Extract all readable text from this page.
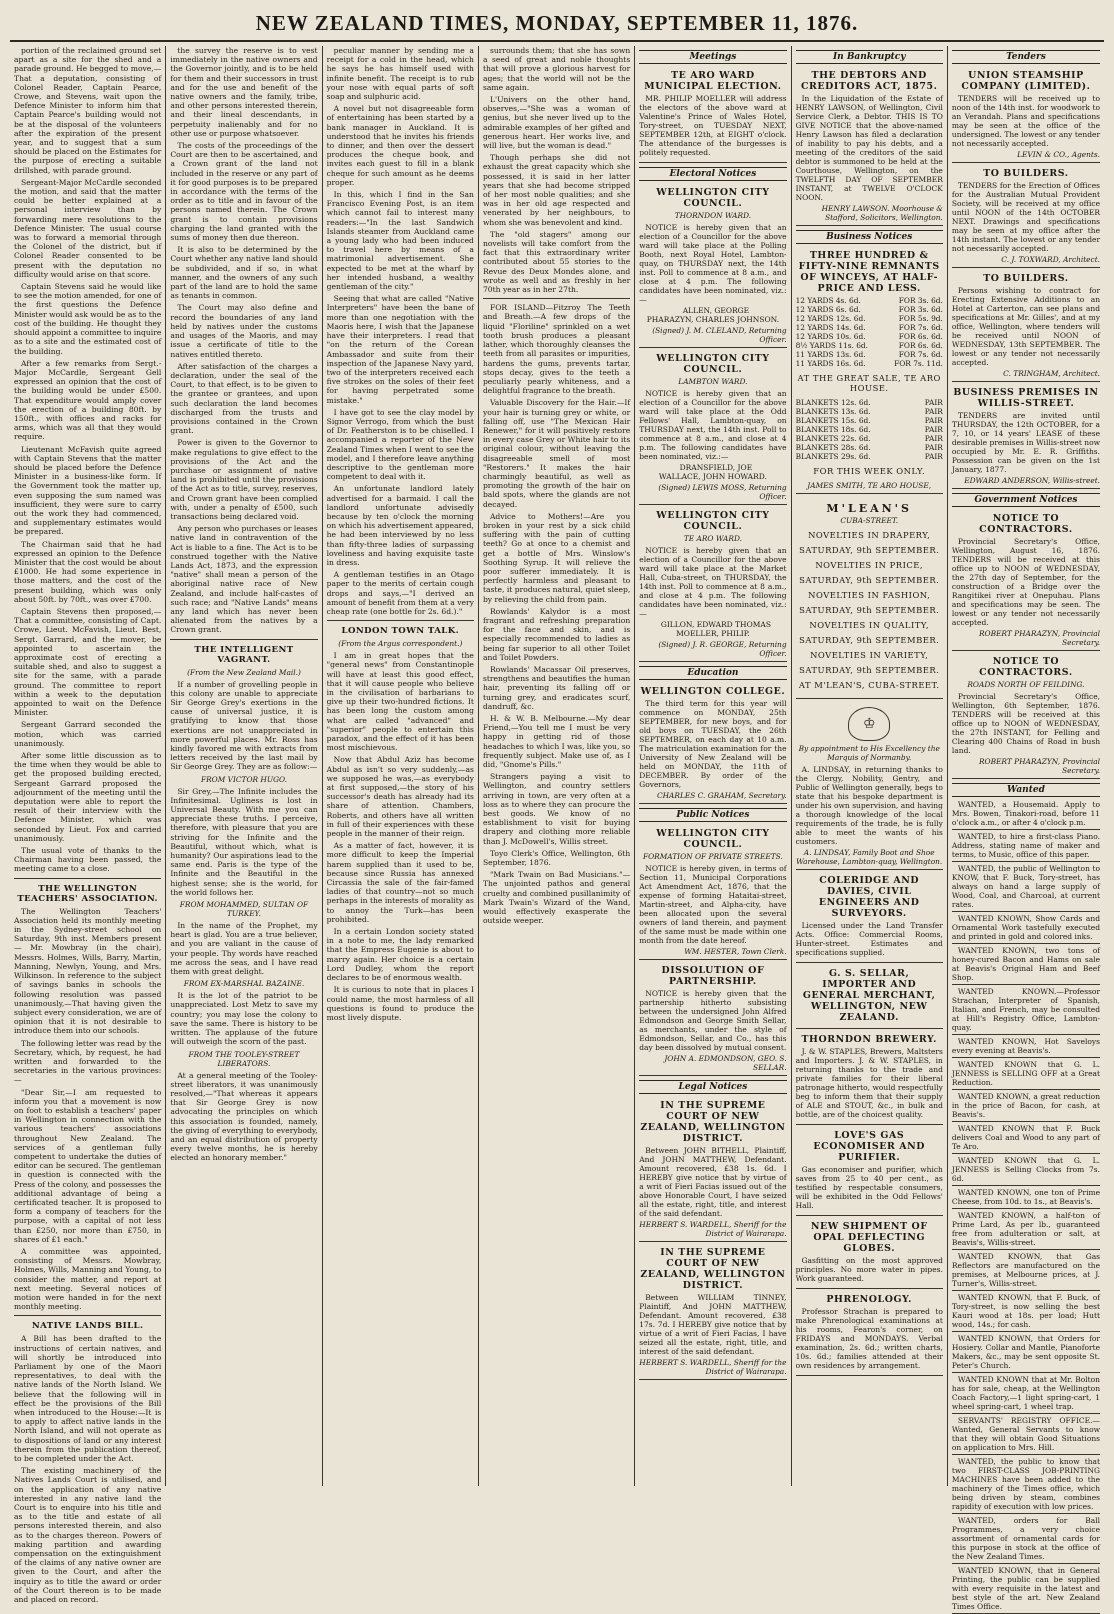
NEW ZEALAND TIMES, MONDAY, SEPTEMBER 11, 1876.

portion of the reclaimed ground set apart as a site for the shed and a parade ground. He begged to move,—That a deputation, consisting of Colonel Reader, Captain Pearce, Crowe, and Stevens, wait upon the Defence Minister to inform him that Captain Pearce's building would not be at the disposal of the volunteers after the expiration of the present year, and to suggest that a sum should be placed on the Estimates for the purpose of erecting a suitable drillshed, with parade ground.

Sergeant-Major McCardle seconded the motion, and said that the matter could be better explained at a personal interview than by forwarding mere resolutions to the Defence Minister. The usual course was to forward a memorial through the Colonel of the district, but if Colonel Reader consented to be present with the deputation no difficulty would arise on that score.

Captain Stevens said he would like to see the motion amended, for one of the first questions the Defence Minister would ask would be as to the cost of the building. He thought they should appoint a committee to inquire as to a site and the estimated cost of the building.

After a few remarks from Sergt.-Major McCardle, Sergeant Gell expressed an opinion that the cost of the building would be under £500. That expenditure would amply cover the erection of a building 80ft. by 150ft., with offices and racks for arms, which was all that they would require.

Lieutenant McFavish quite agreed with Captain Stevens that the matter should be placed before the Defence Minister in a business-like form. If the Government took the matter up, even supposing the sum named was insufficient, they were sure to carry out the work they had commenced, and supplementary estimates would be prepared.

The Chairman said that he had expressed an opinion to the Defence Minister that the cost would be about £1000. He had some experience in those matters, and the cost of the present building, which was only about 50ft. by 70ft., was over £700.

Captain Stevens then proposed,—That a committee, consisting of Capt. Crowe, Lieut. McFavish, Lieut. Best, Sergt. Garrard, and the mover, be appointed to ascertain the approximate cost of erecting a suitable shed, and also to suggest a site for the same, with a parade ground. The committee to report within a week to the deputation appointed to wait on the Defence Minister.

Sergeant Garrard seconded the motion, which was carried unanimously.

After some little discussion as to the time when they would be able to get the proposed building erected, Sergeant Garrard proposed the adjournment of the meeting until the deputation were able to report the result of their interview with the Defence Minister, which was seconded by Lieut. Fox and carried unanimously.

The usual vote of thanks to the Chairman having been passed, the meeting came to a close.

THE WELLINGTON TEACHERS' ASSOCIATION.

The Wellington Teachers' Association held its monthly meeting in the Sydney-street school on Saturday, 9th inst. Members present — Mr. Mowbray (in the chair), Messrs. Holmes, Wills, Barry, Martin, Manning, Newlyn, Young, and Mrs. Wilkinson. In reference to the subject of savings banks in schools the following resolution was passed unanimously,—That having given the subject every consideration, we are of opinion that it is not desirable to introduce them into our schools.

The following letter was read by the Secretary, which, by request, he had written and forwarded to the secretaries in the various provinces:—

"Dear Sir,—I am requested to inform you that a movement is now on foot to establish a teachers' paper in Wellington in connection with the various teachers' associations throughout New Zealand. The services of a gentleman fully competent to undertake the duties of editor can be secured. The gentleman in question is connected with the Press of the colony, and possesses the additional advantage of being a certificated teacher. It is proposed to form a company of teachers for the purpose, with a capital of not less than £250, nor more than £750, in shares of £1 each."

A committee was appointed, consisting of Messrs. Mowbray, Holmes, Wills, Manning and Young, to consider the matter, and report at next meeting. Several notices of motion were handed in for the next monthly meeting.

NATIVE LANDS BILL.

A Bill has been drafted to the instructions of certain natives, and will shortly be introduced into Parliament by one of the Maori representatives, to deal with the native lands of the North Island. We believe that the following will in effect be the provisions of the Bill when introduced to the House:—It is to apply to affect native lands in the North Island, and will not operate as to dispositions of land or any interest therein from the publication thereof, to be completed under the Act.

The existing machinery of the Natives Lands Court is utilised, and on the application of any native interested in any native land the Court is to enquire into his title and as to the title and estate of all persons interested therein, and also as to the charges thereon. Powers of making partition and awarding compensation on the extinguishment of the claims of any native owner are given to the Court, and after the inquiry as to title the award or order of the Court thereon is to be made and placed on record.

the survey the reserve is to vest immediately in the native owners and the Governor jointly, and is to be held for them and their successors in trust and for the use and benefit of the native owners and the family, tribe, and other persons interested therein, and their lineal descendants, in perpetuity inalienably and for no other use or purpose whatsoever.

The costs of the proceedings of the Court are then to be ascertained, and a Crown grant of the land not included in the reserve or any part of it for good purposes is to be prepared in accordance with the terms of the order as to title and in favour of the persons named therein. The Crown grant is to contain provisions charging the land granted with the sums of money then due thereon.

It is also to be determined by the Court whether any native land should be subdivided, and if so, in what manner, and the owners of any such part of the land are to hold the same as tenants in common.

The Court may also define and record the boundaries of any land held by natives under the customs and usages of the Maoris, and may issue a certificate of title to the natives entitled thereto.

After satisfaction of the charges a declaration, under the seal of the Court, to that effect, is to be given to the grantee or grantees, and upon such declaration the land becomes discharged from the trusts and provisions contained in the Crown grant.

Power is given to the Governor to make regulations to give effect to the provisions of the Act and the purchase or assignment of native land is prohibited until the provisions of the Act as to title, survey, reserves, and Crown grant have been complied with, under a penalty of £500, such transactions being declared void.

Any person who purchases or leases native land in contravention of the Act is liable to a fine. The Act is to be construed together with the Native Lands Act, 1873, and the expression "native" shall mean a person of the aboriginal native race of New Zealand, and include half-castes of such race; and "Native Lands" means any land which has never been alienated from the natives by a Crown grant.

THE INTELLIGENT VAGRANT.
(From the New Zealand Mail.)

If a number of grovelling people in this colony are unable to appreciate Sir George Grey's exertions in the cause of universal justice, it is gratifying to know that those exertions are not unappreciated in more powerful places. Mr. Ross has kindly favored me with extracts from letters received by the last mail by Sir George Grey. They are as follow:—

FROM VICTOR HUGO.

Sir Grey,—The Infinite includes the Infinitesimal. Ugliness is lost in Universal Beauty. With me you can appreciate these truths. I perceive, therefore, with pleasure that you are striving for the Infinite and the Beautiful, without which, what is humanity? Our aspirations lead to the same end. Paris is the type of the Infinite and the Beautiful in the highest sense; she is the world, for the world follows her.

FROM MOHAMMED, SULTAN OF TURKEY.

In the name of the Prophet, my heart is glad. You are a true believer, and you are valiant in the cause of your people. Thy words have reached me across the seas, and I have read them with great delight.

FROM EX-MARSHAL BAZAINE.

It is the lot of the patriot to be unappreciated. Lost Metz to save my country; you may lose the colony to save the same. There is history to be written. The applause of the future will outweigh the scorn of the past.

FROM THE TOOLEY-STREET LIBERATORS.

At a general meeting of the Tooley-street liberators, it was unanimously resolved,—"That whereas it appears that Sir George Grey is now advocating the principles on which this association is founded, namely, the giving of everything to everybody, and an equal distribution of property every twelve months, he is hereby elected an honorary member."

peculiar manner by sending me a receipt for a cold in the head, which he says he has himself used with infinite benefit. The receipt is to rub your nose with equal parts of soft soap and sulphuric acid.

A novel but not disagreeable form of entertaining has been started by a bank manager in Auckland. It is understood that he invites his friends to dinner, and then over the dessert produces the cheque book, and invites each guest to fill in a blank cheque for such amount as he deems proper.

In this, which I find in the San Francisco Evening Post, is an item which cannot fail to interest many readers:—"In the last Sandwich Islands steamer from Auckland came a young lady who had been induced to travel here by means of a matrimonial advertisement. She expected to be met at the wharf by her intended husband, a wealthy gentleman of the city."

Seeing that what are called "Native Interpreters" have been the bane of more than one negotiation with the Maoris here, I wish that the Japanese have their interpreters. I read that "on the return of the Corean Ambassador and suite from their inspection of the Japanese Navy yard, two of the interpreters received each five strokes on the soles of their feet for having perpetrated some mistake."

I have got to see the clay model by Signor Verrogo, from which the bust of Dr. Featherston is to be chiselled. I accompanied a reporter of the New Zealand Times when I went to see the model, and I therefore leave anything descriptive to the gentleman more competent to deal with it.

An unfortunate landlord lately advertised for a barmaid. I call the landlord unfortunate advisedly because by ten o'clock the morning on which his advertisement appeared, he had been interviewed by no less than fifty-three ladies of surpassing loveliness and having exquisite taste in dress.

A gentleman testifies in an Otago paper to the merits of certain cough drops and says,—"I derived an amount of benefit from them at a very cheap rate (one bottle for 2s. 6d.)."

LONDON TOWN TALK.
(From the Argus correspondent.)

I am in great hopes that the "general news" from Constantinople will have at least this good effect, that it will cause people who believe in the civilisation of barbarians to give up their two-hundred fictions. It has been long the custom among what are called "advanced" and "superior" people to entertain this paradox, and the effect of it has been most mischievous.

Now that Abdul Aziz has become Abdul as isn't so very suddenly,—as we supposed he was,—as everybody at first supposed,—the story of his successor's death has already had its share of attention. Chambers, Roberts, and others have all written in full of their experiences with these people in the manner of their reign.

As a matter of fact, however, it is more difficult to keep the Imperial harem supplied than it used to be, because since Russia has annexed Circassia the sale of the fair-famed ladies of that country—not so much perhaps in the interests of morality as to annoy the Turk—has been prohibited.

In a certain London society stated in a note to me, the lady remarked that the Empress Eugenie is about to marry again. Her choice is a certain Lord Dudley, whom the report declares to be of enormous wealth.

It is curious to note that in places I could name, the most harmless of all questions is found to produce the most lively dispute.

surrounds them; that she has sown a seed of great and noble thoughts that will prove a glorious harvest for ages; that the world will not be the same again.

L'Univers on the other hand, observes,—"She was a woman of genius, but she never lived up to the admirable examples of her gifted and generous heart. Her works live, and will live, but the woman is dead."

Though perhaps she did not exhaust the great capacity which she possessed, it is said in her latter years that she had become stripped of her most noble qualities; and she was in her old age respected and venerated by her neighbours, to whom she was benevolent and kind.

The "old stagers" among our novelists will take comfort from the fact that this extraordinary writer contributed about 55 stories to the Revue des Deux Mondes alone, and wrote as well and as freshly in her 70th year as in her 27th.

FOR ISLAND—Fitzroy The Teeth and Breath.—A few drops of the liquid "Floriline" sprinkled on a wet tooth brush produces a pleasant lather, which thoroughly cleanses the teeth from all parasites or impurities, hardens the gums, prevents tartar, stops decay, gives to the teeth a peculiarly pearly whiteness, and a delightful fragrance to the breath.

Valuable Discovery for the Hair.—If your hair is turning grey or white, or falling off, use "The Mexican Hair Renewer," for it will positively restore in every case Grey or White hair to its original colour, without leaving the disagreeable smell of most "Restorers." It makes the hair charmingly beautiful, as well as promoting the growth of the hair on bald spots, where the glands are not decayed.

Advice to Mothers!—Are you broken in your rest by a sick child suffering with the pain of cutting teeth? Go at once to a chemist and get a bottle of Mrs. Winslow's Soothing Syrup. It will relieve the poor sufferer immediately. It is perfectly harmless and pleasant to taste, it produces natural, quiet sleep, by relieving the child from pain.

Rowlands' Kalydor is a most fragrant and refreshing preparation for the face and skin, and is especially recommended to ladies as being far superior to all other Toilet and Toilet Powders.

Rowlands' Macassar Oil preserves, strengthens and beautifies the human hair, preventing its falling off or turning grey, and eradicates scurf, dandruff, &c.

H. & W. B. Melbourne.—My dear Friend,—You tell me I must be very happy in getting rid of those headaches to which I was, like you, so frequently subject. Make use of, as I did, "Gnome's Pills."

Strangers paying a visit to Wellington, and country settlers arriving in town, are very often at a loss as to where they can procure the best goods. We know of no establishment to visit for buying drapery and clothing more reliable than J. McDowell's, Willis street.

Toyo Clerk's Office, Wellington, 6th September, 1876.

"Mark Twain on Bad Musicians."—The unjointed pathos and general cruelty and combined pusillanimity of Mark Twain's Wizard of the Wand, would effectively exasperate the outside weeper.

Meetings
TE ARO WARD MUNICIPAL ELECTION.

MR. PHILIP MOELLER will address the electors of the above ward at Valentine's Prince of Wales Hotel, Tory-street, on TUESDAY NEXT, SEPTEMBER 12th, at EIGHT o'clock. The attendance of the burgesses is politely requested.

Electoral Notices
WELLINGTON CITY COUNCIL.
THORNDON WARD.

NOTICE is hereby given that an election of a Councillor for the above ward will take place at the Polling Booth, next Royal Hotel, Lambton-quay, on THURSDAY next, the 14th inst. Poll to commence at 8 a.m., and close at 4 p.m. The following candidates have been nominated, viz.:—

ALLEN, GEORGE
PHARAZYN, CHARLES JOHNSON.

(Signed) J. M. CLELAND, Returning Officer.

WELLINGTON CITY COUNCIL.
LAMBTON WARD.

NOTICE is hereby given that an election of a Councillor for the above ward will take place at the Odd Fellows' Hall, Lambton-quay, on THURSDAY next, the 14th inst. Poll to commence at 8 a.m., and close at 4 p.m. The following candidates have been nominated, viz.:—

DRANSFIELD, JOE
WALLACE, JOHN HOWARD.

(Signed) LEWIS MOSS, Returning Officer.

WELLINGTON CITY COUNCIL.
TE ARO WARD.

NOTICE is hereby given that an election of a Councillor for the above ward will take place at the Market Hall, Cuba-street, on THURSDAY, the 14th inst. Poll to commence at 8 a.m., and close at 4 p.m. The following candidates have been nominated, viz.:—

GILLON, EDWARD THOMAS
MOELLER, PHILIP.

(Signed) J. R. GEORGE, Returning Officer.

Education
WELLINGTON COLLEGE.

The third term for this year will commence on MONDAY, 25th SEPTEMBER, for new boys, and for old boys on TUESDAY, the 26th SEPTEMBER, on each day at 10 a.m. The matriculation examination for the University of New Zealand will be held on MONDAY, the 11th of DECEMBER. By order of the Governors,

CHARLES C. GRAHAM, Secretary.

Public Notices
WELLINGTON CITY COUNCIL.
FORMATION OF PRIVATE STREETS.

NOTICE is hereby given, in terms of Section 11, Municipal Corporations Act Amendment Act, 1876, that the expense of forming Hataitai-street, Martin-street, and Alpha-city, have been allocated upon the several owners of land therein, and payment of the same must be made within one month from the date hereof.

WM. HESTER, Town Clerk.

DISSOLUTION OF PARTNERSHIP.

NOTICE is hereby given that the partnership hitherto subsisting between the undersigned John Alfred Edmondson and George Smith Sellar, as merchants, under the style of Edmondson, Sellar, and Co., has this day been dissolved by mutual consent.

JOHN A. EDMONDSON, GEO. S. SELLAR.

Legal Notices
IN THE SUPREME COURT OF NEW ZEALAND, WELLINGTON DISTRICT.

Between JOHN BITHELL, Plaintiff, And JOHN MATTHEW, Defendant. Amount recovered, £38 1s. 6d. I HEREBY give notice that by virtue of a writ of Fieri Facias issued out of the above Honorable Court, I have seized all the estate, right, title, and interest of the said defendant.

HERBERT S. WARDELL, Sheriff for the District of Wairarapa.

IN THE SUPREME COURT OF NEW ZEALAND, WELLINGTON DISTRICT.

Between WILLIAM TINNEY, Plaintiff, And JOHN MATTHEW, Defendant. Amount recovered, £38 17s. 7d. I HEREBY give notice that by virtue of a writ of Fieri Facias, I have seized all the estate, right, title, and interest of the said defendant.

HERBERT S. WARDELL, Sheriff for the District of Wairarapa.

In Bankruptcy
THE DEBTORS AND CREDITORS ACT, 1875.

In the Liquidation of the Estate of HENRY LAWSON, of Wellington, Civil Service Clerk, a Debtor. THIS IS TO GIVE NOTICE that the above-named Henry Lawson has filed a declaration of inability to pay his debts, and a meeting of the creditors of the said debtor is summoned to be held at the Courthouse, Wellington, on the TWELFTH DAY OF SEPTEMBER INSTANT, at TWELVE O'CLOCK NOON.

HENRY LAWSON. Moorhouse & Stafford, Solicitors, Wellington.

Business Notices
THREE HUNDRED & FIFTY-NINE REMNANTS OF WINCEYS, AT HALF-PRICE AND LESS.
12 YARDS 4s. 6d.	FOR 3s. 6d.
12 YARDS 6s. 6d.	FOR 3s. 6d.
12 YARDS 12s. 6d.	FOR 5s. 9d.
12 YARDS 14s. 6d.	FOR 7s. 6d.
12 YARDS 10s. 6d.	FOR 6s. 6d.
8½ YARDS 11s. 6d.	FOR 6s. 6d.
11 YARDS 13s. 6d.	FOR 7s. 6d.
11 YARDS 16s. 6d.	FOR 7s. 11d.
AT THE GREAT SALE, TE ARO HOUSE.
BLANKETS 12s. 6d.	PAIR
BLANKETS 13s. 6d.	PAIR
BLANKETS 15s. 6d.	PAIR
BLANKETS 18s. 6d.	PAIR
BLANKETS 22s. 6d.	PAIR
BLANKETS 28s. 6d.	PAIR
BLANKETS 29s. 6d.	PAIR
FOR THIS WEEK ONLY.

JAMES SMITH, TE ARO HOUSE,

M'LEAN'S
CUBA-STREET.
NOVELTIES IN DRAPERY,
SATURDAY, 9th SEPTEMBER.
NOVELTIES IN PRICE,
SATURDAY, 9th SEPTEMBER.
NOVELTIES IN FASHION,
SATURDAY, 9th SEPTEMBER.
NOVELTIES IN QUALITY,
SATURDAY, 9th SEPTEMBER.
NOVELTIES IN VARIETY,
SATURDAY, 9th SEPTEMBER.
AT M'LEAN'S, CUBA-STREET.
♔
By appointment to His Excellency the Marquis of Normanby.

A. LINDSAY, in returning thanks to the Clergy, Nobility, Gentry, and Public of Wellington generally, begs to state that his bespoke department is under his own supervision, and having a thorough knowledge of the local requirements of the trade, he is fully able to meet the wants of his customers.

A. LINDSAY, Family Boot and Shoe Warehouse, Lambton-quay, Wellington.

COLERIDGE AND DAVIES, CIVIL ENGINEERS AND SURVEYORS.

Licensed under the Land Transfer Acts. Office: Commercial Rooms, Hunter-street. Estimates and specifications supplied.

G. S. SELLAR, IMPORTER AND GENERAL MERCHANT, WELLINGTON, NEW ZEALAND.
THORNDON BREWERY.

J. & W. STAPLES, Brewers, Maltsters and Importers. J. & W. STAPLES, in returning thanks to the trade and private families for their liberal patronage hitherto, would respectfully beg to inform them that their supply of ALE and STOUT, &c., in bulk and bottle, are of the choicest quality.

LOVE'S GAS ECONOMISER AND PURIFIER.

Gas economiser and purifier, which saves from 25 to 40 per cent., as testified by respectable consumers, will be exhibited in the Odd Fellows' Hall.

NEW SHIPMENT OF OPAL DEFLECTING GLOBES.

Gasfitting on the most approved principles. No more water in pipes. Work guaranteed.

PHRENOLOGY.

Professor Strachan is prepared to make Phrenological examinations at his rooms, Fearon's corner, on FRIDAYS and MONDAYS. Verbal examination, 2s. 6d.; written charts, 10s. 6d.; families attended at their own residences by arrangement.

Tenders
UNION STEAMSHIP COMPANY (LIMITED).

TENDERS will be received up to noon of the 14th inst. for woodwork to an Verandah. Plans and specifications may be seen at the office of the undersigned. The lowest or any tender not necessarily accepted.

LEVIN & CO., Agents.

TO BUILDERS.

TENDERS for the Erection of Offices for the Australian Mutual Provident Society, will be received at my office until NOON of the 14th OCTOBER NEXT. Drawings and specifications may be seen at my office after the 14th instant. The lowest or any tender not necessarily accepted.

C. J. TOXWARD, Architect.

TO BUILDERS.

Persons wishing to contract for Erecting Extensive Additions to an Hotel at Carterton, can see plans and specifications at Mr. Gilles', and at my office, Wellington, where tenders will be received until NOON of WEDNESDAY, 13th SEPTEMBER. The lowest or any tender not necessarily accepted.

C. TRINGHAM, Architect.

BUSINESS PREMISES IN WILLIS-STREET.

TENDERS are invited until THURSDAY, the 12th OCTOBER, for a 7, 10, or 14 years' LEASE of these desirable premises in Willis-street now occupied by Mr. E. R. Griffiths. Possession can be given on the 1st January, 1877.

EDWARD ANDERSON, Willis-street.

Government Notices
NOTICE TO CONTRACTORS.

Provincial Secretary's Office, Wellington, August 16, 1876. TENDERS will be received at this office up to NOON of WEDNESDAY, the 27th day of September, for the construction of a Bridge over the Rangitikei river at Onepuhau. Plans and specifications may be seen. The lowest or any tender not necessarily accepted.

ROBERT PHARAZYN, Provincial Secretary.

NOTICE TO CONTRACTORS.
ROADS NORTH OF FEILDING.

Provincial Secretary's Office, Wellington, 6th September, 1876. TENDERS will be received at this office up to NOON of WEDNESDAY, the 27th INSTANT, for Felling and Clearing 400 Chains of Road in bush land.

ROBERT PHARAZYN, Provincial Secretary.

Wanted

WANTED, a Housemaid. Apply to Mrs. Bowen, Tinakori-road, before 11 o'clock a.m., or after 4 o'clock p.m.

WANTED, to hire a first-class Piano. Address, stating name of maker and terms, to Music, office of this paper.

WANTED, the public of Wellington to KNOW, that F. Buck, Tory-street, has always on hand a large supply of Wood, Coal, and Charcoal, at current rates.

WANTED KNOWN, Show Cards and Ornamental Work tastefully executed and printed in gold and colored inks.

WANTED KNOWN, two tons of honey-cured Bacon and Hams on sale at Beavis's Original Ham and Beef Shop.

WANTED KNOWN.—Professor Strachan, Interpreter of Spanish, Italian, and French, may be consulted at Hill's Registry Office, Lambton-quay.

WANTED KNOWN, Hot Saveloys every evening at Beavis's.

WANTED KNOWN that G. L. JENNESS is SELLING OFF at a Great Reduction.

WANTED KNOWN, a great reduction in the price of Bacon, for cash, at Beavis's.

WANTED KNOWN that F. Buck delivers Coal and Wood to any part of Te Aro.

WANTED KNOWN that G. L. JENNESS is Selling Clocks from 7s. 6d.

WANTED KNOWN, one ton of Prime Cheese, from 10d. to 1s., at Beavis's.

WANTED KNOWN, a half-ton of Prime Lard, As per lb., guaranteed free from adulteration or salt, at Beavis's, Willis-street.

WANTED KNOWN, that Gas Reflectors are manufactured on the premises, at Melbourne prices, at J. Turner's, Willis-street.

WANTED KNOWN, that F. Buck, of Tory-street, is now selling the best Kauri wood at 18s. per load; Hutt wood, 14s.; for cash.

WANTED KNOWN, that Orders for Hosiery. Collar and Mantle, Pianoforte Makers, &c., may be sent opposite St. Peter's Church.

WANTED KNOWN that at Mr. Bolton has for sale, cheap, at the Wellington Coach Factory,—1 light spring-cart, 1 wheel spring-cart, 1 wheel trap.

SERVANTS' REGISTRY OFFICE.—Wanted, General Servants to know that they will obtain Good Situations on application to Mrs. Hill.

WANTED, the public to know that two FIRST-CLASS JOB-PRINTING MACHINES have been added to the machinery of the Times office, which being driven by steam, combines rapidity of execution with low prices.

WANTED, orders for Ball Programmes, a very choice assortment of ornamental cards for this purpose in stock at the office of the New Zealand Times.

WANTED KNOWN, that in General Printing, the public can be supplied with every requisite in the latest and best style of the art. New Zealand Times Office.
